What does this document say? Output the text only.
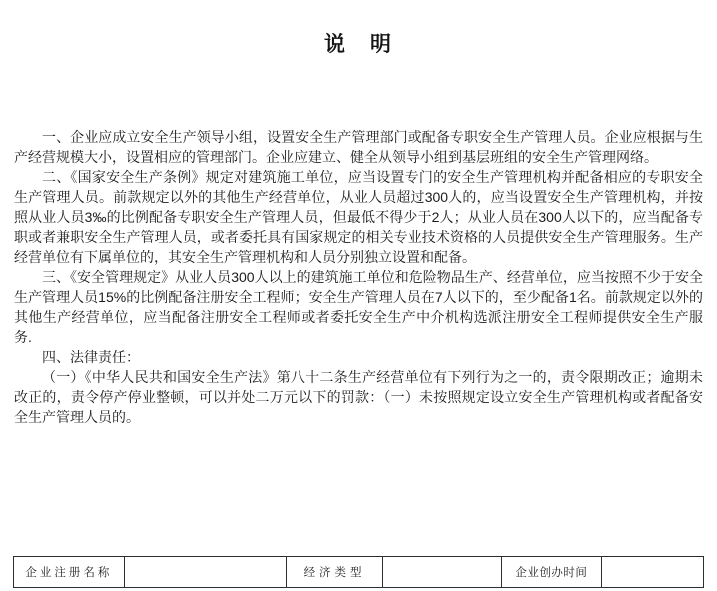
说　明

一、企业应成立安全生产领导小组，设置安全生产管理部门或配备专职安全生产管理人员。企业应根据与生产经营规模大小，设置相应的管理部门。企业应建立、健全从领导小组到基层班组的安全生产管理网络。

二、《国家安全生产条例》规定对建筑施工单位，应当设置专门的安全生产管理机构并配备相应的专职安全生产管理人员。前款规定以外的其他生产经营单位，从业人员超过300人的，应当设置安全生产管理机构，并按照从业人员3‰的比例配备专职安全生产管理人员，但最低不得少于2人；从业人员在300人以下的，应当配备专职或者兼职安全生产管理人员，或者委托具有国家规定的相关专业技术资格的人员提供安全生产管理服务。生产经营单位有下属单位的，其安全生产管理机构和人员分别独立设置和配备。

三、《安全管理规定》从业人员300人以上的建筑施工单位和危险物品生产、经营单位，应当按照不少于安全生产管理人员15%的比例配备注册安全工程师；安全生产管理人员在7人以下的，至少配备1名。前款规定以外的其他生产经营单位，应当配备注册安全工程师或者委托安全生产中介机构选派注册安全工程师提供安全生产服务.

四、法律责任：

（一）《中华人民共和国安全生产法》第八十二条生产经营单位有下列行为之一的，责令限期改正；逾期未改正的，责令停产停业整顿，可以并处二万元以下的罚款：（一）未按照规定设立安全生产管理机构或者配备安全生产管理人员的。

企业注册名称	经济类型	企业创办时间
